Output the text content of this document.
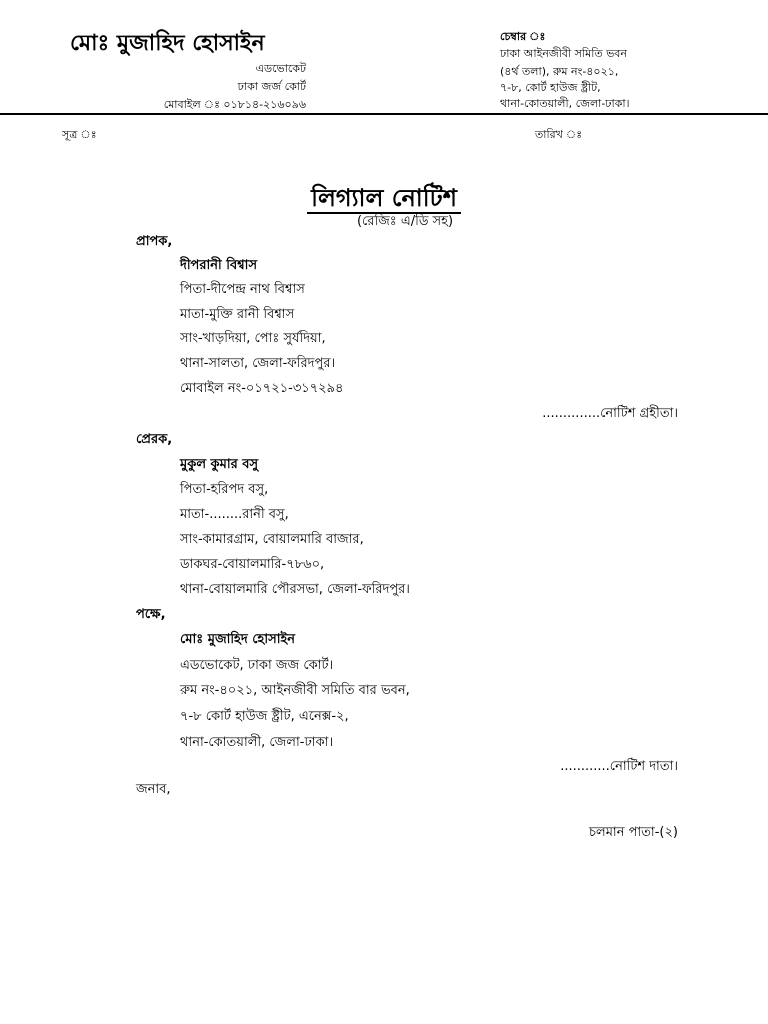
মোঃ মুজাহিদ হোসাইন
এডভোকেট
ঢাকা জর্জ কোর্ট
মোবাইল ঃ ০১৮১৪-২১৬০৯৬
চেম্বার ঃ
ঢাকা আইনজীবী সমিতি ভবন
(৪র্থ তলা), রুম নং-৪০২১,
৭-৮, কোর্ট হাউজ ষ্ট্রীট,
থানা-কোতয়ালী, জেলা-ঢাকা।
সূত্র ঃ	তারিখ ঃ
লিগ্যাল নোটিশ
(রেজিঃ এ/ডি সহ)
প্রাপক,
দীপরানী বিশ্বাস
পিতা-দীপেন্দ্র নাথ বিশ্বাস
মাতা-মুক্তি রানী বিশ্বাস
সাং-খাড়দিয়া, পোঃ সুর্যদিয়া,
থানা-সালতা, জেলা-ফরিদপুর।
মোবাইল নং-০১৭২১-৩১৭২৯৪
..............নোটিশ গ্রহীতা।
প্রেরক,
মুকুল কুমার বসু
পিতা-হরিপদ বসু,
মাতা-........রানী বসু,
সাং-কামারগ্রাম, বোয়ালমারি বাজার,
ডাকঘর-বোয়ালমারি-৭৮৬০,
থানা-বোয়ালমারি পৌরসভা, জেলা-ফরিদপুর।
পক্ষে,
মোঃ মুজাহিদ হোসাইন
এডভোকেট, ঢাকা জজ কোর্ট।
রুম নং-৪০২১, আইনজীবী সমিতি বার ভবন,
৭-৮ কোর্ট হাউজ ষ্ট্রীট, এনেক্স-২,
থানা-কোতয়ালী, জেলা-ঢাকা।
............নোটিশ দাতা।
জনাব,
চলমান পাতা-(২)
